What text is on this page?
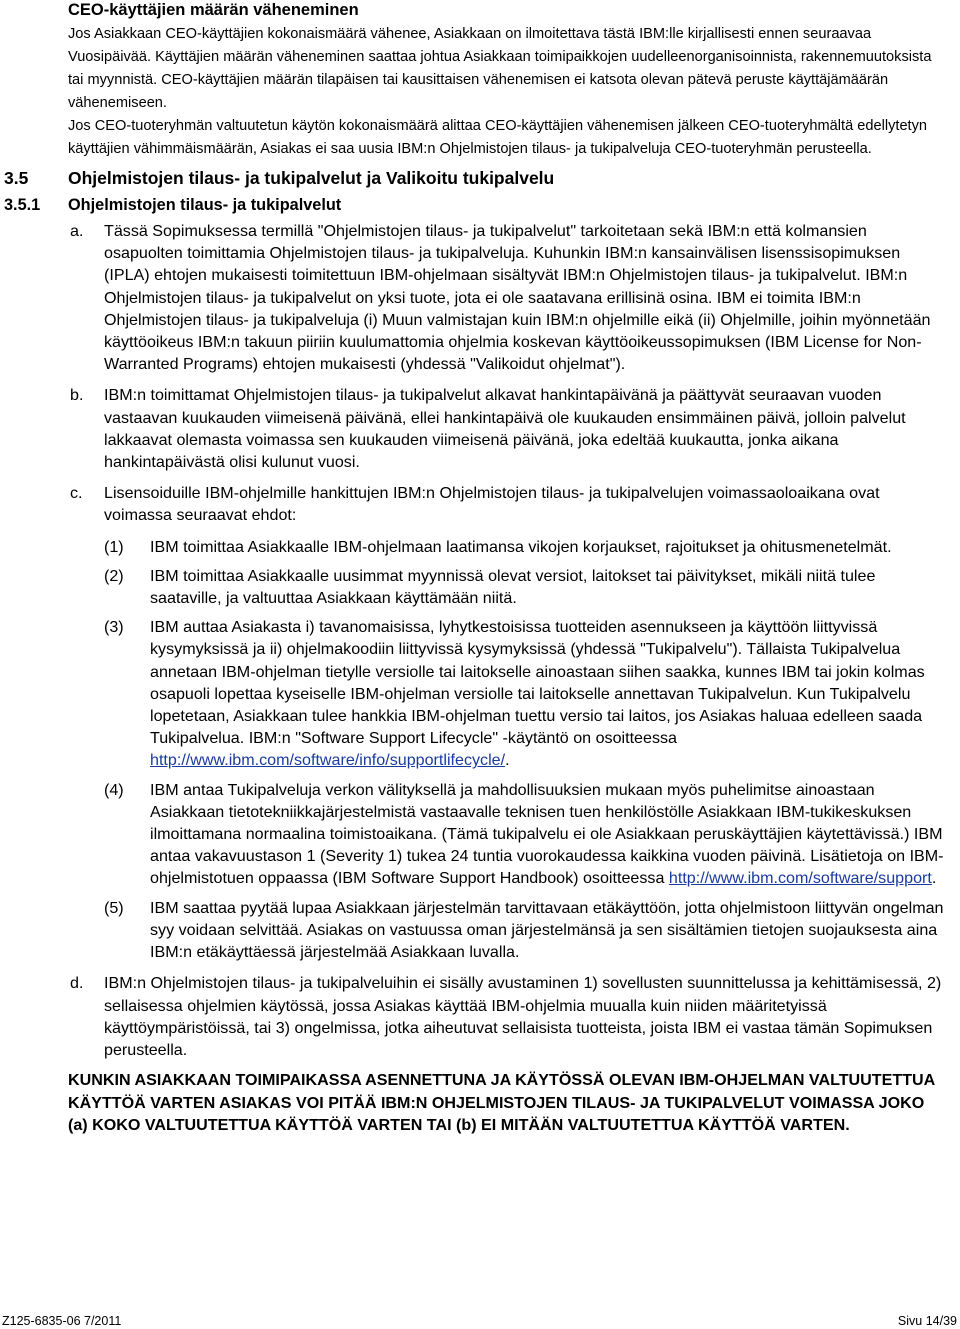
CEO-käyttäjien määrän väheneminen

Jos Asiakkaan CEO-käyttäjien kokonaismäärä vähenee, Asiakkaan on ilmoitettava tästä IBM:lle kirjallisesti ennen seuraavaa Vuosipäivää. Käyttäjien määrän väheneminen saattaa johtua Asiakkaan toimipaikkojen uudelleenorganisoinnista, rakennemuutoksista tai myynnistä. CEO-käyttäjien määrän tilapäisen tai kausittaisen vähenemisen ei katsota olevan pätevä peruste käyttäjämäärän vähenemiseen.

Jos CEO-tuoteryhmän valtuutetun käytön kokonaismäärä alittaa CEO-käyttäjien vähenemisen jälkeen CEO-tuoteryhmältä edellytetyn käyttäjien vähimmäismäärän, Asiakas ei saa uusia IBM:n Ohjelmistojen tilaus- ja tukipalveluja CEO-tuoteryhmän perusteella.

3.5 Ohjelmistojen tilaus- ja tukipalvelut ja Valikoitu tukipalvelu
3.5.1 Ohjelmistojen tilaus- ja tukipalvelut
a. Tässä Sopimuksessa termillä "Ohjelmistojen tilaus- ja tukipalvelut" tarkoitetaan sekä IBM:n että kolmansien osapuolten toimittamia Ohjelmistojen tilaus- ja tukipalveluja. Kuhunkin IBM:n kansainvälisen lisenssisopimuksen (IPLA) ehtojen mukaisesti toimitettuun IBM-ohjelmaan sisältyvät IBM:n Ohjelmistojen tilaus- ja tukipalvelut. IBM:n Ohjelmistojen tilaus- ja tukipalvelut on yksi tuote, jota ei ole saatavana erillisinä osina. IBM ei toimita IBM:n Ohjelmistojen tilaus- ja tukipalveluja (i) Muun valmistajan kuin IBM:n ohjelmille eikä (ii) Ohjelmille, joihin myönnetään käyttöoikeus IBM:n takuun piiriin kuulumattomia ohjelmia koskevan käyttöoikeussopimuksen (IBM License for Non-Warranted Programs) ehtojen mukaisesti (yhdessä "Valikoidut ohjelmat").
b. IBM:n toimittamat Ohjelmistojen tilaus- ja tukipalvelut alkavat hankintapäivänä ja päättyvät seuraavan vuoden vastaavan kuukauden viimeisenä päivänä, ellei hankintapäivä ole kuukauden ensimmäinen päivä, jolloin palvelut lakkaavat olemasta voimassa sen kuukauden viimeisenä päivänä, joka edeltää kuukautta, jonka aikana hankintapäivästä olisi kulunut vuosi.
c. Lisensoiduille IBM-ohjelmille hankittujen IBM:n Ohjelmistojen tilaus- ja tukipalvelujen voimassaoloaikana ovat voimassa seuraavat ehdot:
(1) IBM toimittaa Asiakkaalle IBM-ohjelmaan laatimansa vikojen korjaukset, rajoitukset ja ohitusmenetelmät.
(2) IBM toimittaa Asiakkaalle uusimmat myynnissä olevat versiot, laitokset tai päivitykset, mikäli niitä tulee saataville, ja valtuuttaa Asiakkaan käyttämään niitä.
(3) IBM auttaa Asiakasta i) tavanomaisissa, lyhytkestoisissa tuotteiden asennukseen ja käyttöön liittyvissä kysymyksissä ja ii) ohjelmakoodiin liittyvissä kysymyksissä (yhdessä "Tukipalvelu"). Tällaista Tukipalvelua annetaan IBM-ohjelman tietylle versiolle tai laitokselle ainoastaan siihen saakka, kunnes IBM tai jokin kolmas osapuoli lopettaa kyseiselle IBM-ohjelman versiolle tai laitokselle annettavan Tukipalvelun. Kun Tukipalvelu lopetetaan, Asiakkaan tulee hankkia IBM-ohjelman tuettu versio tai laitos, jos Asiakas haluaa edelleen saada Tukipalvelua. IBM:n "Software Support Lifecycle" -käytäntö on osoitteessa http://www.ibm.com/software/info/supportlifecycle/.
(4) IBM antaa Tukipalveluja verkon välityksellä ja mahdollisuuksien mukaan myös puhelimitse ainoastaan Asiakkaan tietotekniikkajärjestelmistä vastaavalle teknisen tuen henkilöstölle Asiakkaan IBM-tukikeskuksen ilmoittamana normaalina toimistoaikana. (Tämä tukipalvelu ei ole Asiakkaan peruskäyttäjien käytettävissä.) IBM antaa vakavuustason 1 (Severity 1) tukea 24 tuntia vuorokaudessa kaikkina vuoden päivinä. Lisätietoja on IBM-ohjelmistotuen oppaassa (IBM Software Support Handbook) osoitteessa http://www.ibm.com/software/support.
(5) IBM saattaa pyytää lupaa Asiakkaan järjestelmän tarvittavaan etäkäyttöön, jotta ohjelmistoon liittyvän ongelman syy voidaan selvittää. Asiakas on vastuussa oman järjestelmänsä ja sen sisältämien tietojen suojauksesta aina IBM:n etäkäyttäessä järjestelmää Asiakkaan luvalla.
d. IBM:n Ohjelmistojen tilaus- ja tukipalveluihin ei sisälly avustaminen 1) sovellusten suunnittelussa ja kehittämisessä, 2) sellaisessa ohjelmien käytössä, jossa Asiakas käyttää IBM-ohjelmia muualla kuin niiden määritetyissä käyttöympäristöissä, tai 3) ongelmissa, jotka aiheutuvat sellaisista tuotteista, joista IBM ei vastaa tämän Sopimuksen perusteella.

KUNKIN ASIAKKAAN TOIMIPAIKASSA ASENNETTUNA JA KÄYTÖSSÄ OLEVAN IBM-OHJELMAN VALTUUTETTUA KÄYTTÖÄ VARTEN ASIAKAS VOI PITÄÄ IBM:N OHJELMISTOJEN TILAUS- JA TUKIPALVELUT VOIMASSA JOKO (a) KOKO VALTUUTETTUA KÄYTTÖÄ VARTEN TAI (b) EI MITÄÄN VALTUUTETTUA KÄYTTÖÄ VARTEN.

Z125-6835-06 7/2011	Sivu 14/39
